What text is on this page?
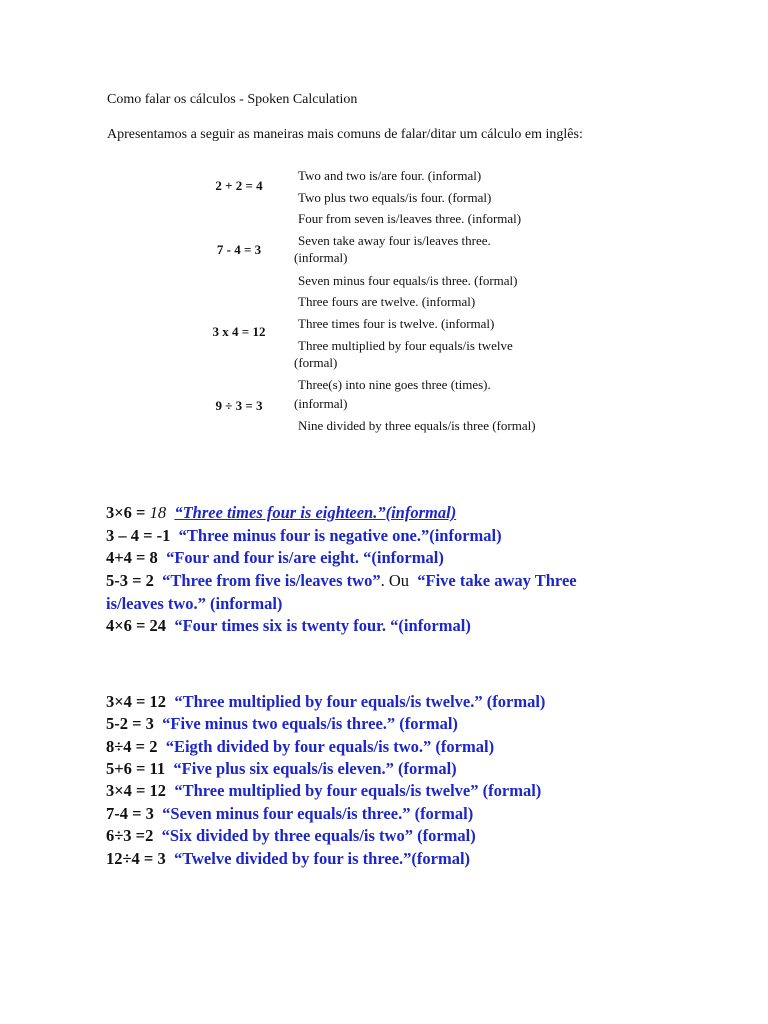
Como falar os cálculos - Spoken Calculation
Apresentamos a seguir as maneiras mais comuns de falar/ditar um cálculo em inglês:
2 + 2 = 4
7 - 4 = 3
3 x 4 = 12
9 ÷ 3 = 3
Two and two is/are four. (informal)
Two plus two equals/is four. (formal)
Four from seven is/leaves three. (informal)
Seven take away four is/leaves three.
(informal)
Seven minus four equals/is three. (formal)
Three fours are twelve. (informal)
Three times four is twelve. (informal)
Three multiplied by four equals/is twelve
(formal)
Three(s) into nine goes three (times).
(informal)
Nine divided by three equals/is three (formal)
3×6 = 18 “Three times four is eighteen.”(informal)
3 – 4 = -1 “Three minus four is negative one.”(informal)
4+4 = 8 “Four and four is/are eight. “(informal)
5-3 = 2 “Three from five is/leaves two”. Ou “Five take away Three
is/leaves two.” (informal)
4×6 = 24 “Four times six is twenty four. “(informal)
3×4 = 12 “Three multiplied by four equals/is twelve.” (formal)
5-2 = 3 “Five minus two equals/is three.” (formal)
8÷4 = 2 “Eigth divided by four equals/is two.” (formal)
5+6 = 11 “Five plus six equals/is eleven.” (formal)
3×4 = 12 “Three multiplied by four equals/is twelve” (formal)
7-4 = 3 “Seven minus four equals/is three.” (formal)
6÷3 =2 “Six divided by three equals/is two” (formal)
12÷4 = 3 “Twelve divided by four is three.”(formal)
